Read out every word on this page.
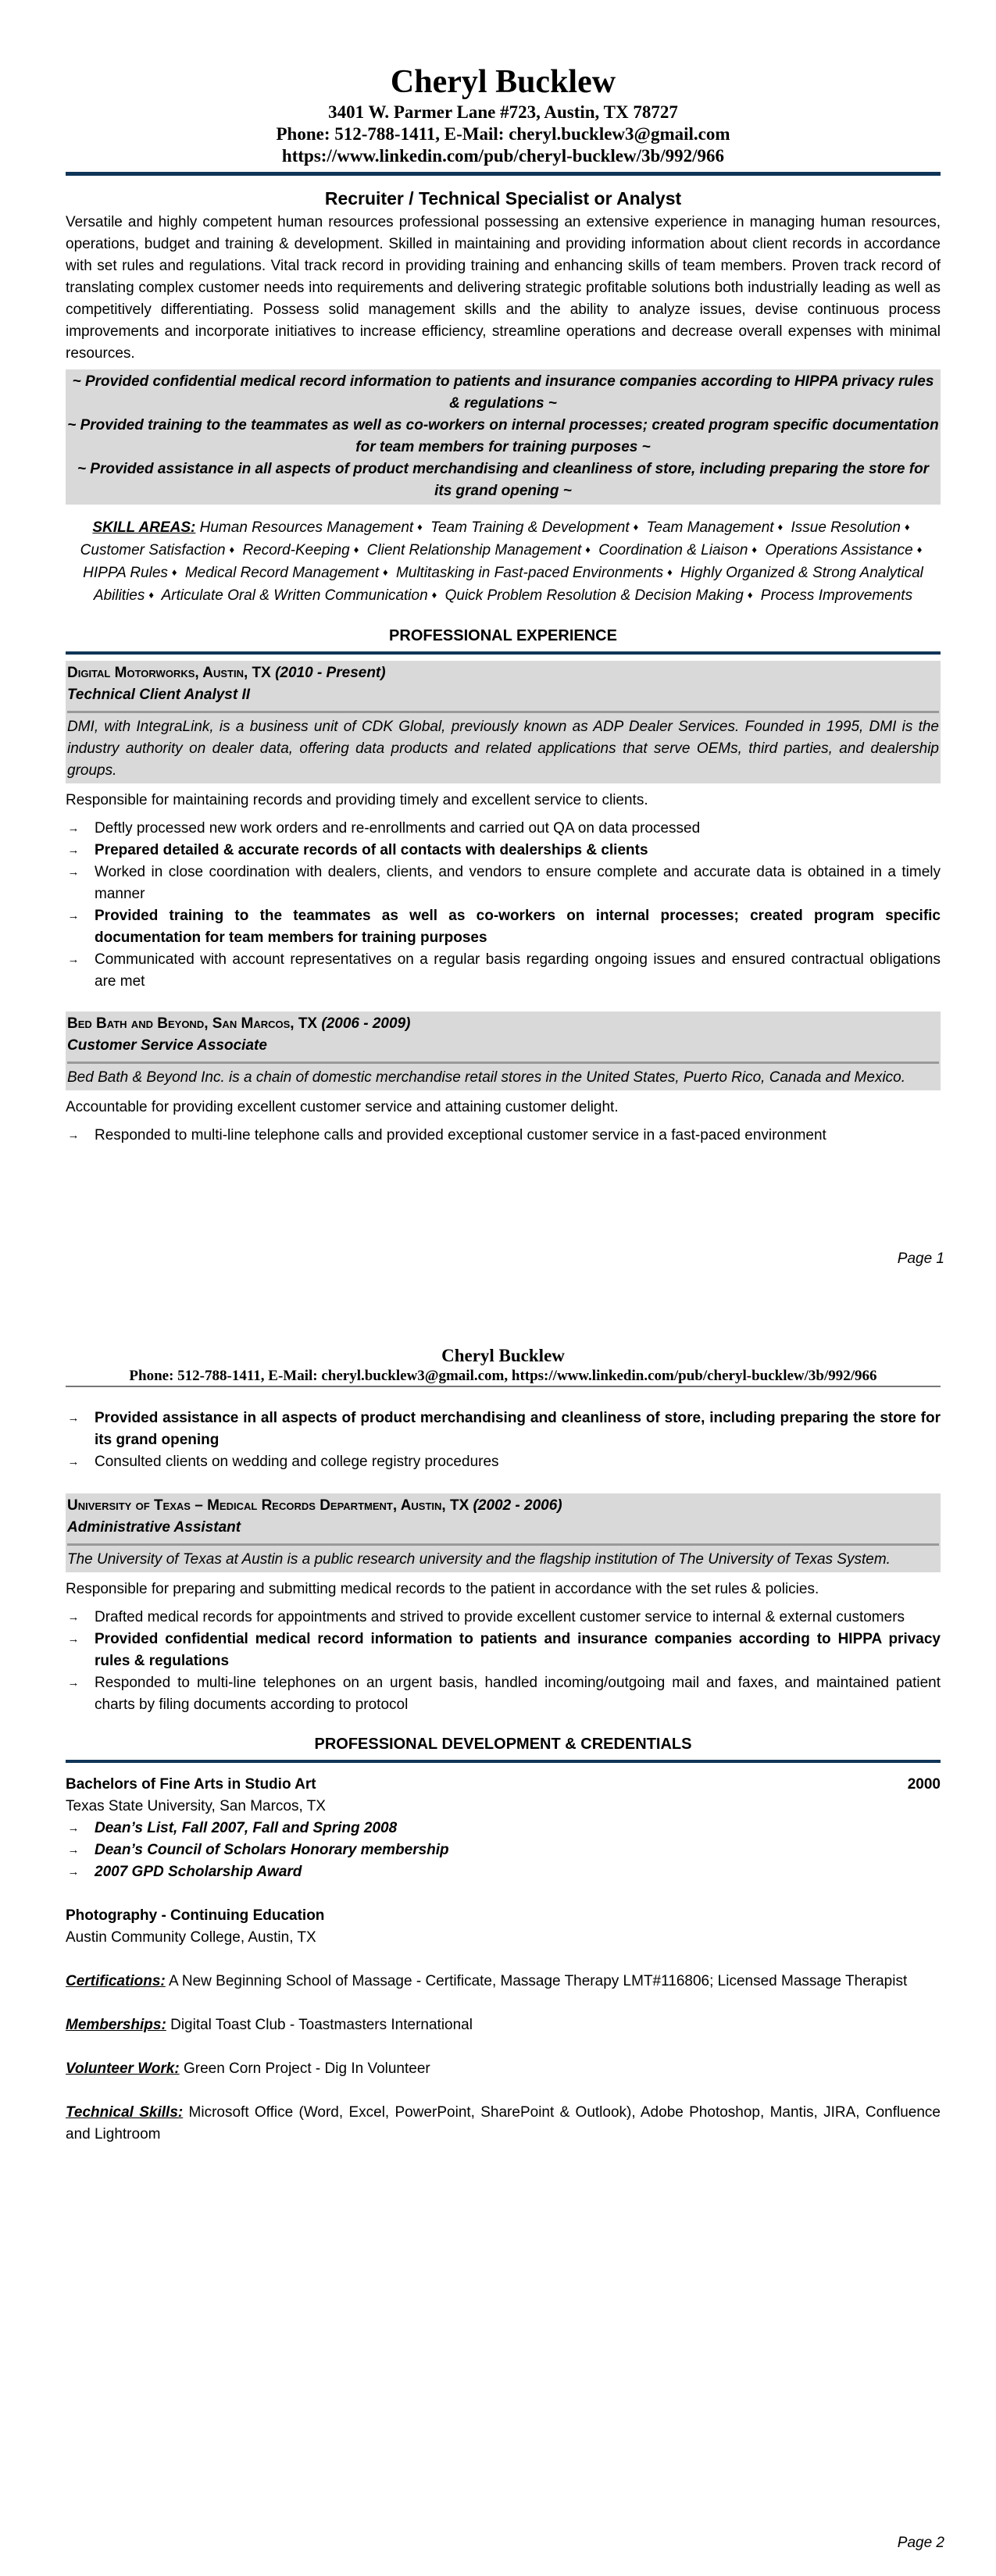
Cheryl Bucklew
3401 W. Parmer Lane #723, Austin, TX 78727
Phone: 512-788-1411, E-Mail: cheryl.bucklew3@gmail.com
https://www.linkedin.com/pub/cheryl-bucklew/3b/992/966
Recruiter / Technical Specialist or Analyst
Versatile and highly competent human resources professional possessing an extensive experience in managing human resources, operations, budget and training & development. Skilled in maintaining and providing information about client records in accordance with set rules and regulations. Vital track record in providing training and enhancing skills of team members. Proven track record of translating complex customer needs into requirements and delivering strategic profitable solutions both industrially leading as well as competitively differentiating. Possess solid management skills and the ability to analyze issues, devise continuous process improvements and incorporate initiatives to increase efficiency, streamline operations and decrease overall expenses with minimal resources.
~ Provided confidential medical record information to patients and insurance companies according to HIPPA privacy rules & regulations ~
~ Provided training to the teammates as well as co-workers on internal processes; created program specific documentation for team members for training purposes ~
~ Provided assistance in all aspects of product merchandising and cleanliness of store, including preparing the store for its grand opening ~
SKILL AREAS: Human Resources Management ♦ Team Training & Development ♦ Team Management ♦ Issue Resolution ♦ Customer Satisfaction ♦ Record-Keeping ♦ Client Relationship Management ♦ Coordination & Liaison ♦ Operations Assistance ♦ HIPPA Rules ♦ Medical Record Management ♦ Multitasking in Fast-paced Environments ♦ Highly Organized & Strong Analytical Abilities ♦ Articulate Oral & Written Communication ♦ Quick Problem Resolution & Decision Making ♦ Process Improvements
PROFESSIONAL EXPERIENCE
Digital Motorworks, Austin, TX (2010 - Present)
Technical Client Analyst II
DMI, with IntegraLink, is a business unit of CDK Global, previously known as ADP Dealer Services. Founded in 1995, DMI is the industry authority on dealer data, offering data products and related applications that serve OEMs, third parties, and dealership groups.
Responsible for maintaining records and providing timely and excellent service to clients.
→ Deftly processed new work orders and re-enrollments and carried out QA on data processed
→ Prepared detailed & accurate records of all contacts with dealerships & clients
→ Worked in close coordination with dealers, clients, and vendors to ensure complete and accurate data is obtained in a timely manner
→ Provided training to the teammates as well as co-workers on internal processes; created program specific documentation for team members for training purposes
→ Communicated with account representatives on a regular basis regarding ongoing issues and ensured contractual obligations are met
Bed Bath and Beyond, San Marcos, TX (2006 - 2009)
Customer Service Associate
Bed Bath & Beyond Inc. is a chain of domestic merchandise retail stores in the United States, Puerto Rico, Canada and Mexico.
Accountable for providing excellent customer service and attaining customer delight.
→ Responded to multi-line telephone calls and provided exceptional customer service in a fast-paced environment
Page 1
Cheryl Bucklew
Phone: 512-788-1411, E-Mail: cheryl.bucklew3@gmail.com, https://www.linkedin.com/pub/cheryl-bucklew/3b/992/966
→ Provided assistance in all aspects of product merchandising and cleanliness of store, including preparing the store for its grand opening
→ Consulted clients on wedding and college registry procedures
University of Texas – Medical Records Department, Austin, TX (2002 - 2006)
Administrative Assistant
The University of Texas at Austin is a public research university and the flagship institution of The University of Texas System.
Responsible for preparing and submitting medical records to the patient in accordance with the set rules & policies.
→ Drafted medical records for appointments and strived to provide excellent customer service to internal & external customers
→ Provided confidential medical record information to patients and insurance companies according to HIPPA privacy rules & regulations
→ Responded to multi-line telephones on an urgent basis, handled incoming/outgoing mail and faxes, and maintained patient charts by filing documents according to protocol
PROFESSIONAL DEVELOPMENT & CREDENTIALS
Bachelors of Fine Arts in Studio Art	2000
Texas State University, San Marcos, TX
→ Dean’s List, Fall 2007, Fall and Spring 2008
→ Dean’s Council of Scholars Honorary membership
→ 2007 GPD Scholarship Award
Photography - Continuing Education
Austin Community College, Austin, TX
Certifications: A New Beginning School of Massage - Certificate, Massage Therapy LMT#116806; Licensed Massage Therapist
Memberships: Digital Toast Club - Toastmasters International
Volunteer Work: Green Corn Project - Dig In Volunteer
Technical Skills: Microsoft Office (Word, Excel, PowerPoint, SharePoint & Outlook), Adobe Photoshop, Mantis, JIRA, Confluence and Lightroom
Page 2
